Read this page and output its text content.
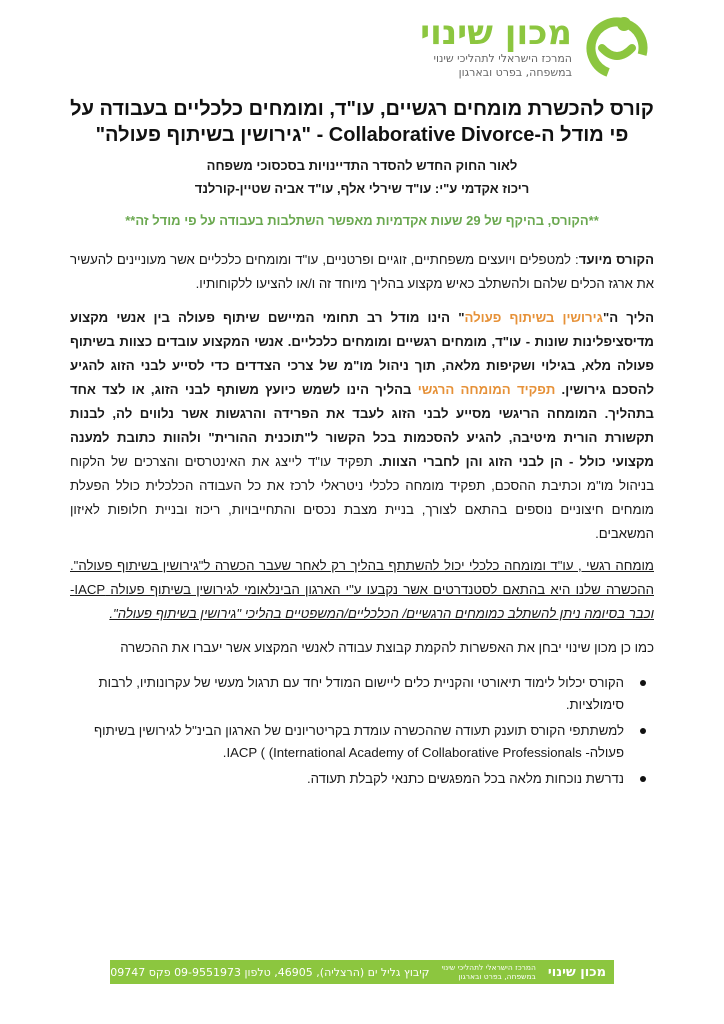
מכון שינוי
המרכז הישראלי לתהליכי שינוי
במשפחה, בפרט ובארגון
קורס להכשרת מומחים רגשיים, עו"ד, ומומחים כלכליים בעבודה על
פי מודל ה-Collaborative Divorce - "גירושין בשיתוף פעולה"
לאור החוק החדש להסדר התדיינויות בסכסוכי משפחה
ריכוז אקדמי ע"י: עו"ד שירלי אלף, עו"ד אביה שטיין-קורלנד
**הקורס, בהיקף של 29 שעות אקדמיות מאפשר השתלבות בעבודה על פי מודל זה**

הקורס מיועד: למטפלים ויועצים משפחתיים, זוגיים ופרטניים, עו"ד ומומחים כלכליים אשר מעוניינים להעשיר את ארגז הכלים שלהם ולהשתלב כאיש מקצוע בהליך מיוחד זה ו/או להציעו ללקוחותיו.

הליך ה"גירושין בשיתוף פעולה" הינו מודל רב תחומי המיישם שיתוף פעולה בין אנשי מקצוע מדיסציפלינות שונות - עו"ד, מומחים רגשיים ומומחים כלכליים. אנשי המקצוע עובדים כצוות בשיתוף פעולה מלא, בגילוי ושקיפות מלאה, תוך ניהול מו"מ של צרכי הצדדים כדי לסייע לבני הזוג להגיע להסכם גירושין. תפקיד המומחה הרגשי בהליך הינו לשמש כיועץ משותף לבני הזוג, או לצד אחד בתהליך. המומחה הריגשי מסייע לבני הזוג לעבד את הפרידה והרגשות אשר נלווים לה, לבנות תקשורת הורית מיטיבה, להגיע להסכמות בכל הקשור ל"תוכנית ההורית" ולהוות כתובת למענה מקצועי כולל - הן לבני הזוג והן לחברי הצוות. תפקיד עו"ד לייצג את האינטרסים והצרכים של הלקוח בניהול מו"מ וכתיבת ההסכם, תפקיד מומחה כלכלי ניטראלי לרכז את כל העבודה הכלכלית כולל הפעלת מומחים חיצוניים נוספים בהתאם לצורך, בניית מצבת נכסים והתחייבויות, ריכוז ובניית חלופות לאיזון המשאבים.

מומחה רגשי , עו"ד ומומחה כלכלי יכול להשתתף בהליך רק לאחר שעבר הכשרה ל"גירושין בשיתוף פעולה". ההכשרה שלנו היא בהתאם לסטנדרטים אשר נקבעו ע"י הארגון הבינלאומי לגירושין בשיתוף פעולה IACP- וכבר בסיומה ניתן להשתלב כמומחים הרגשיים/ הכלכליים/המשפטיים בהליכי "גירושין בשיתוף פעולה".

כמו כן מכון שינוי יבחן את האפשרות להקמת קבוצת עבודה לאנשי המקצוע אשר יעברו את ההכשרה

הקורס יכלול לימוד תיאורטי והקניית כלים ליישום המודל יחד עם תרגול מעשי של עקרונותיו, לרבות סימולציות.
למשתתפי הקורס תוענק תעודה שההכשרה עומדת בקריטריונים של הארגון הבינ"ל לגירושין בשיתוף פעולה- IACP ( (International Academy of Collaborative Professionals.
נדרשת נוכחות מלאה בכל המפגשים כתנאי לקבלת תעודה.
מכון שינוי
המרכז הישראלי לתהליכי שינוי
במשפחה, בפרט ובארגון
קיבוץ גליל ים (הרצליה), 46905, טלפון 09-9551973 פקס 09-9509747
